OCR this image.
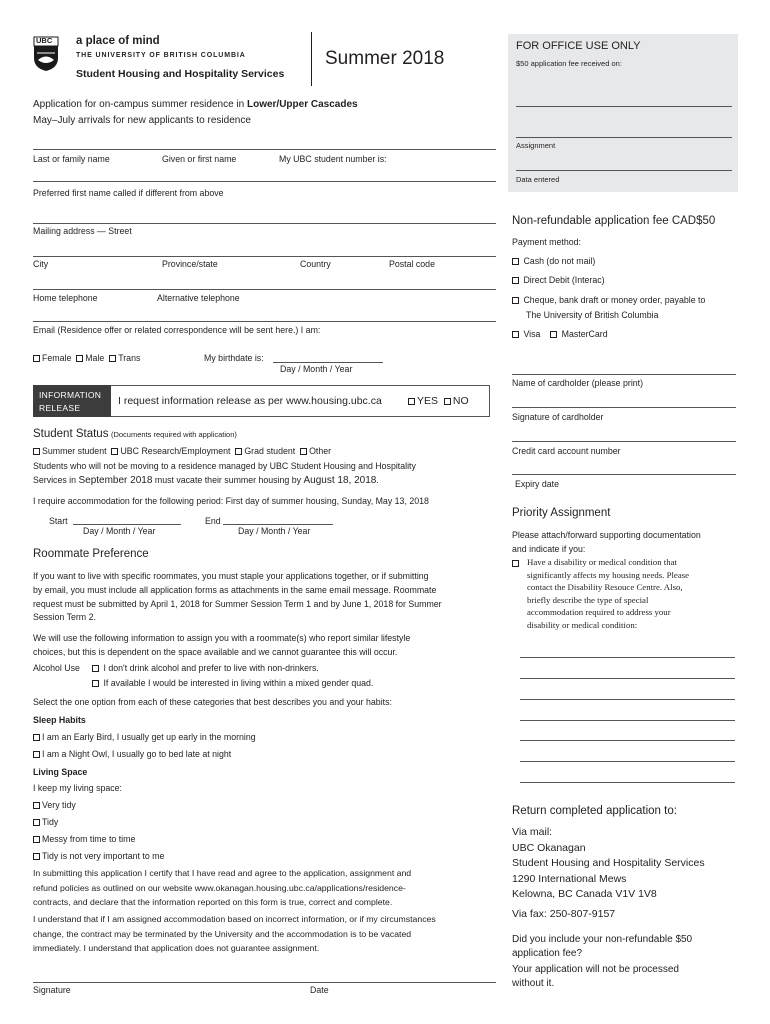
UBC a place of mind
THE UNIVERSITY OF BRITISH COLUMBIA
Student Housing and Hospitality Services
Summer 2018
FOR OFFICE USE ONLY
$50 application fee received on:
Assignment
Data entered
Application for on-campus summer residence in Lower/Upper Cascades
May–July arrivals for new applicants to residence
Last or family name	Given or first name	My UBC student number is:
Preferred first name called if different from above
Mailing address — Street
City	Province/state	Country	Postal code
Home telephone	Alternative telephone
Email (Residence offer or related correspondence will be sent here.) I am:
Female Male Trans	My birthdate is:
Day / Month / Year
INFORMATION
RELEASE
I request information release as per www.housing.ubc.ca	YES NO
Student Status (Documents required with application)
Summer student UBC Research/Employment Grad student Other
Students who will not be moving to a residence managed by UBC Student Housing and Hospitality
Services in September 2018 must vacate their summer housing by August 18, 2018.
I require accommodation for the following period: First day of summer housing, Sunday, May 13, 2018
Start
Day / Month / Year
End
Day / Month / Year
Roommate Preference
If you want to live with specific roommates, you must staple your applications together, or if submitting
by email, you must include all application forms as attachments in the same email message. Roommate
request must be submitted by April 1, 2018 for Summer Session Term 1 and by June 1, 2018 for Summer
Session Term 2.
We will use the following information to assign you with a roommate(s) who report similar lifestyle
choices, but this is dependent on the space available and we cannot guarantee this will occur.
Alcohol Use	I don't drink alcohol and prefer to live with non-drinkers.
If available I would be interested in living within a mixed gender quad.
Select the one option from each of these categories that best describes you and your habits:
Sleep Habits
I am an Early Bird, I usually get up early in the morning
I am a Night Owl, I usually go to bed late at night
Living Space
I keep my living space:
Very tidy
Tidy
Messy from time to time
Tidy is not very important to me
In submitting this application I certify that I have read and agree to the application, assignment and
refund policies as outlined on our website www.okanagan.housing.ubc.ca/applications/residence-
contracts, and declare that the information reported on this form is true, correct and complete.
I understand that if I am assigned accommodation based on incorrect information, or if my circumstances
change, the contract may be terminated by the University and the accommodation is to be vacated
immediately. I understand that application does not guarantee assignment.
Signature	Date
Non-refundable application fee CAD$50
Payment method:
Cash (do not mail)
Direct Debit (Interac)
Cheque, bank draft or money order, payable to
The University of British Columbia
Visa MasterCard
Name of cardholder (please print)
Signature of cardholder
Credit card account number
Expiry date
Priority Assignment
Please attach/forward supporting documentation
and indicate if you:
Have a disability or medical condition that
significantly affects my housing needs. Please
contact the Disability Resouce Centre. Also,
briefly describe the type of special
accommodation required to address your
disability or medical condition:
Return completed application to:
Via mail:
UBC Okanagan
Student Housing and Hospitality Services
1290 International Mews
Kelowna, BC Canada V1V 1V8
Via fax: 250-807-9157
Did you include your non-refundable $50
application fee?
Your application will not be processed
without it.
